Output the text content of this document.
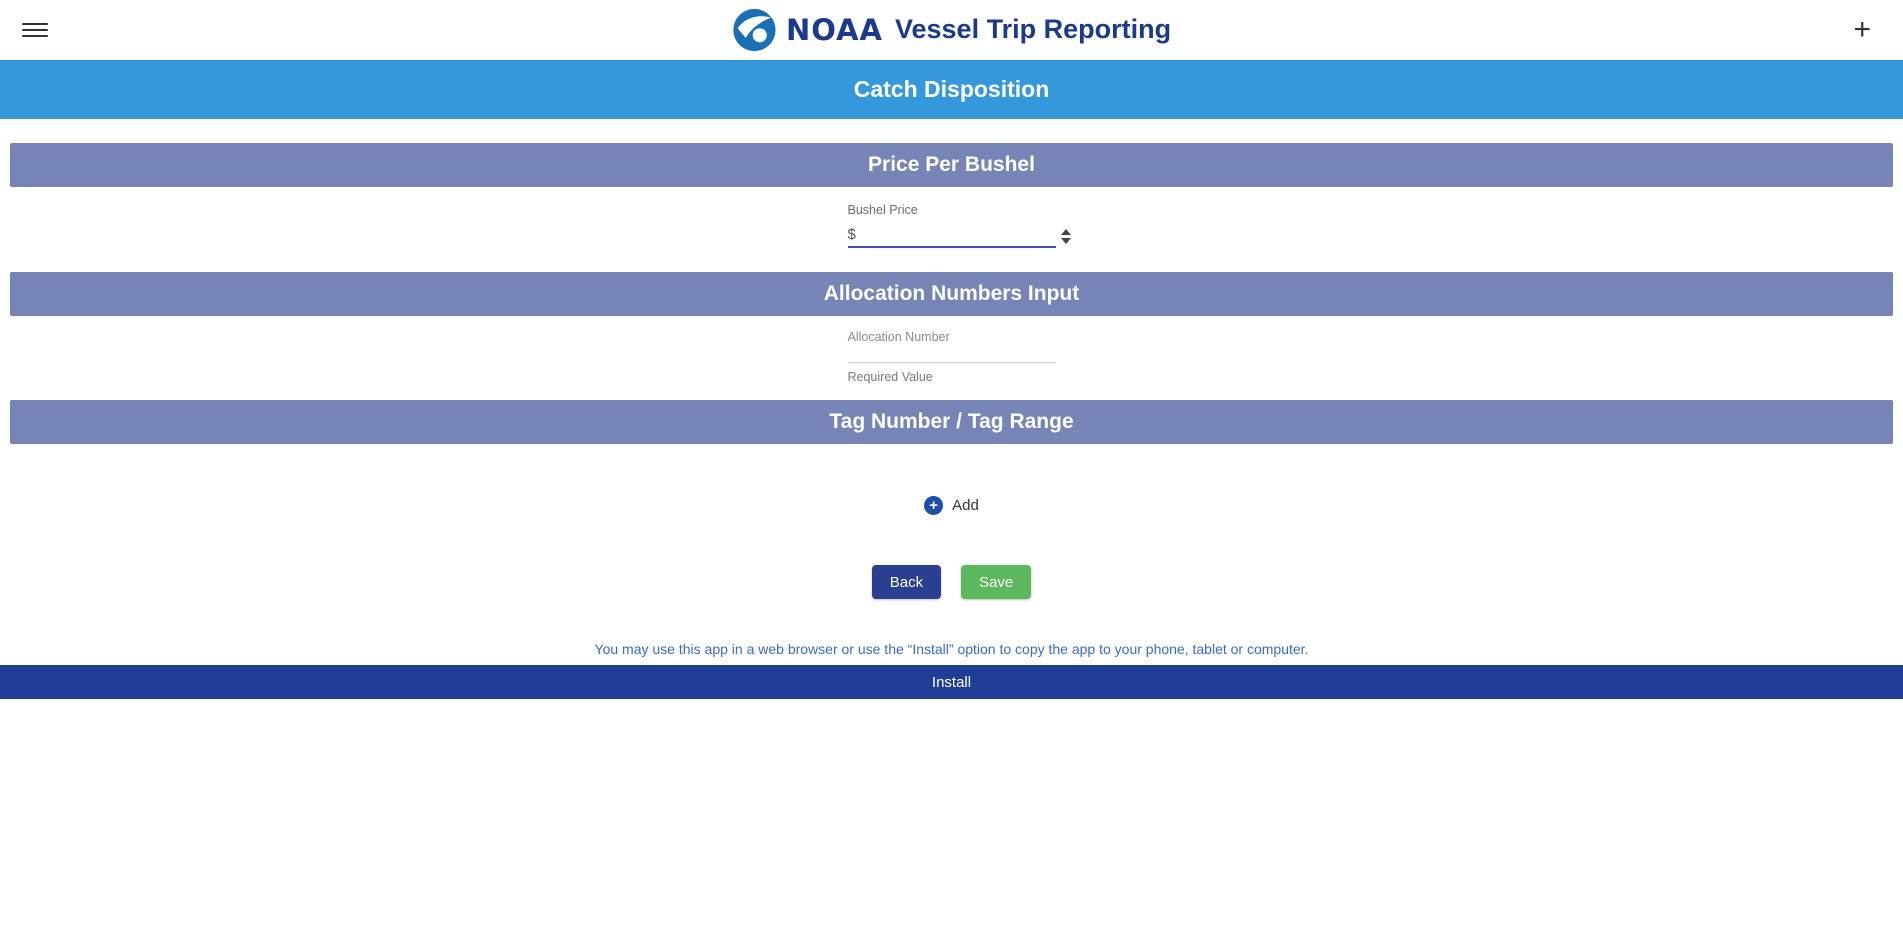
NOAA Vessel Trip Reporting	+
Catch Disposition
Price Per Bushel
Bushel Price
$
Allocation Numbers Input
Allocation Number
Required Value
Tag Number / Tag Range
+ Add
Back	Save
You may use this app in a web browser or use the “Install” option to copy the app to your phone, tablet or computer.
Install
